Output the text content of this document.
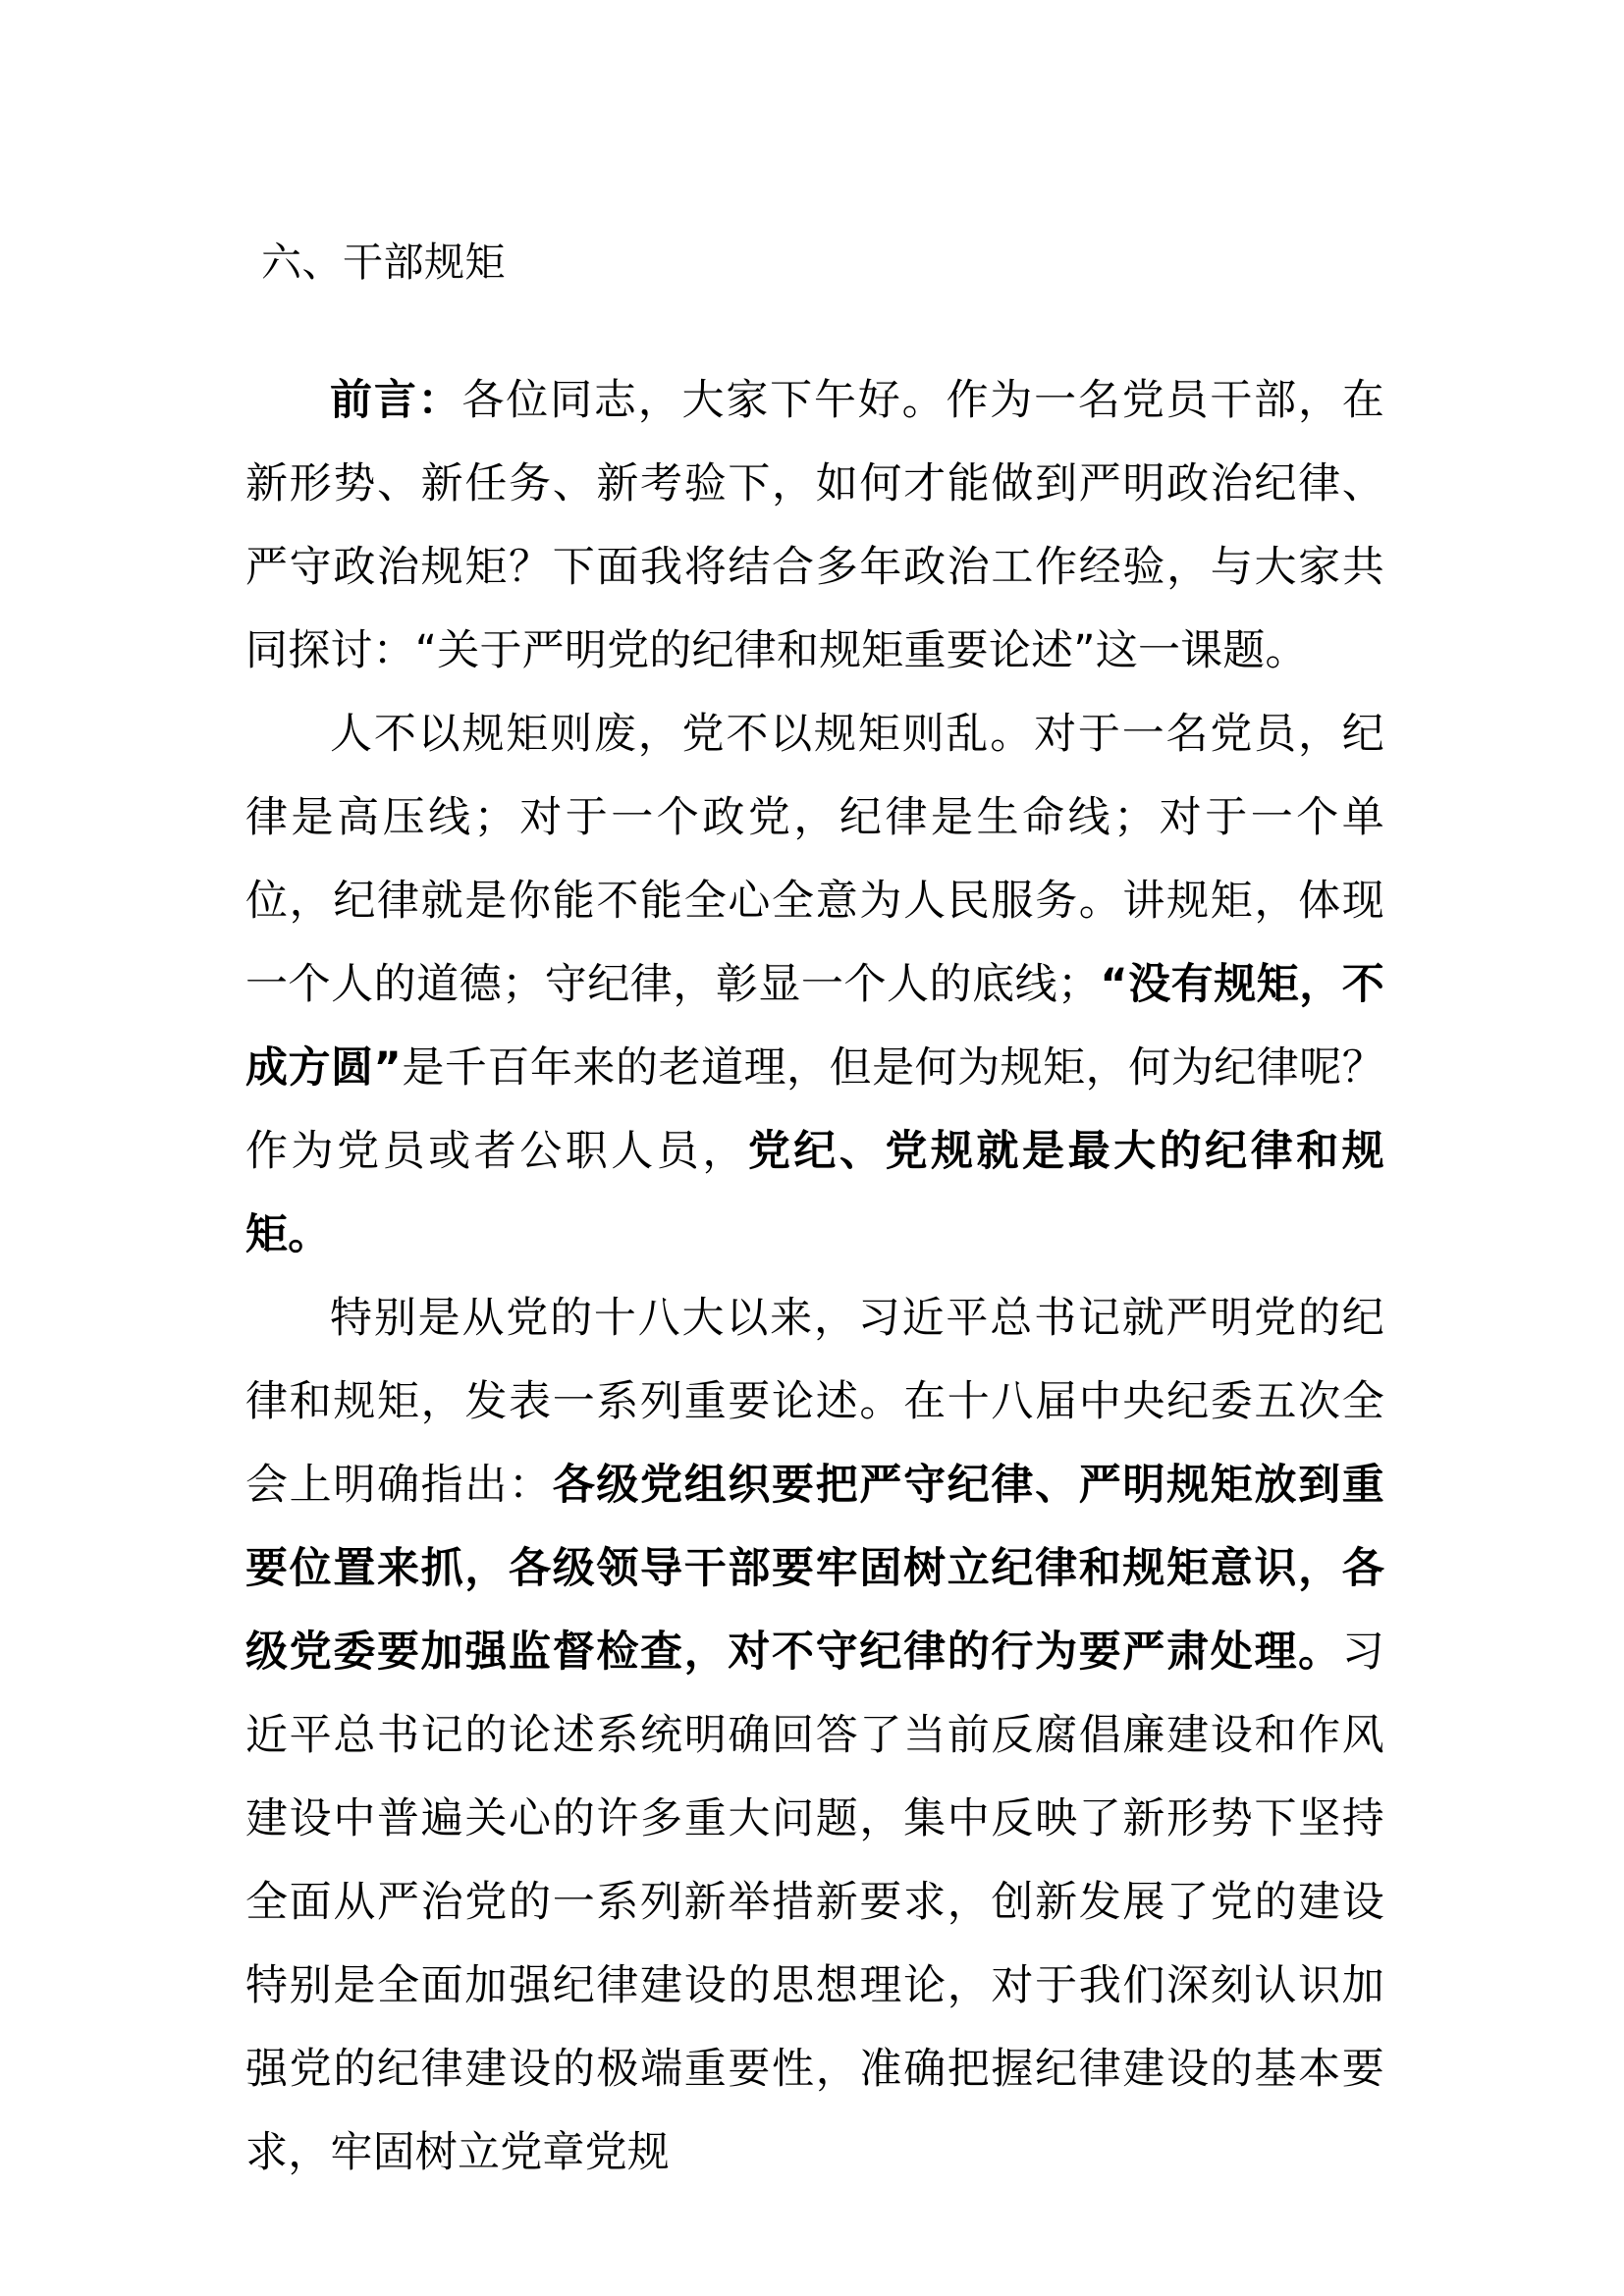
六、干部规矩

前言：各位同志，大家下午好。作为一名党员干部，在新形势、新任务、新考验下，如何才能做到严明政治纪律、严守政治规矩？下面我将结合多年政治工作经验，与大家共同探讨：“关于严明党的纪律和规矩重要论述”这一课题。

人不以规矩则废，党不以规矩则乱。对于一名党员，纪律是高压线；对于一个政党，纪律是生命线；对于一个单位，纪律就是你能不能全心全意为人民服务。讲规矩，体现一个人的道德；守纪律，彰显一个人的底线；“没有规矩，不成方圆”是千百年来的老道理，但是何为规矩，何为纪律呢？作为党员或者公职人员，党纪、党规就是最大的纪律和规矩。

特别是从党的十八大以来，习近平总书记就严明党的纪律和规矩，发表一系列重要论述。在十八届中央纪委五次全会上明确指出：各级党组织要把严守纪律、严明规矩放到重要位置来抓，各级领导干部要牢固树立纪律和规矩意识，各级党委要加强监督检查，对不守纪律的行为要严肃处理。习近平总书记的论述系统明确回答了当前反腐倡廉建设和作风建设中普遍关心的许多重大问题，集中反映了新形势下坚持全面从严治党的一系列新举措新要求，创新发展了党的建设特别是全面加强纪律建设的思想理论，对于我们深刻认识加强党的纪律建设的极端重要性，准确把握纪律建设的基本要求，牢固树立党章党规
